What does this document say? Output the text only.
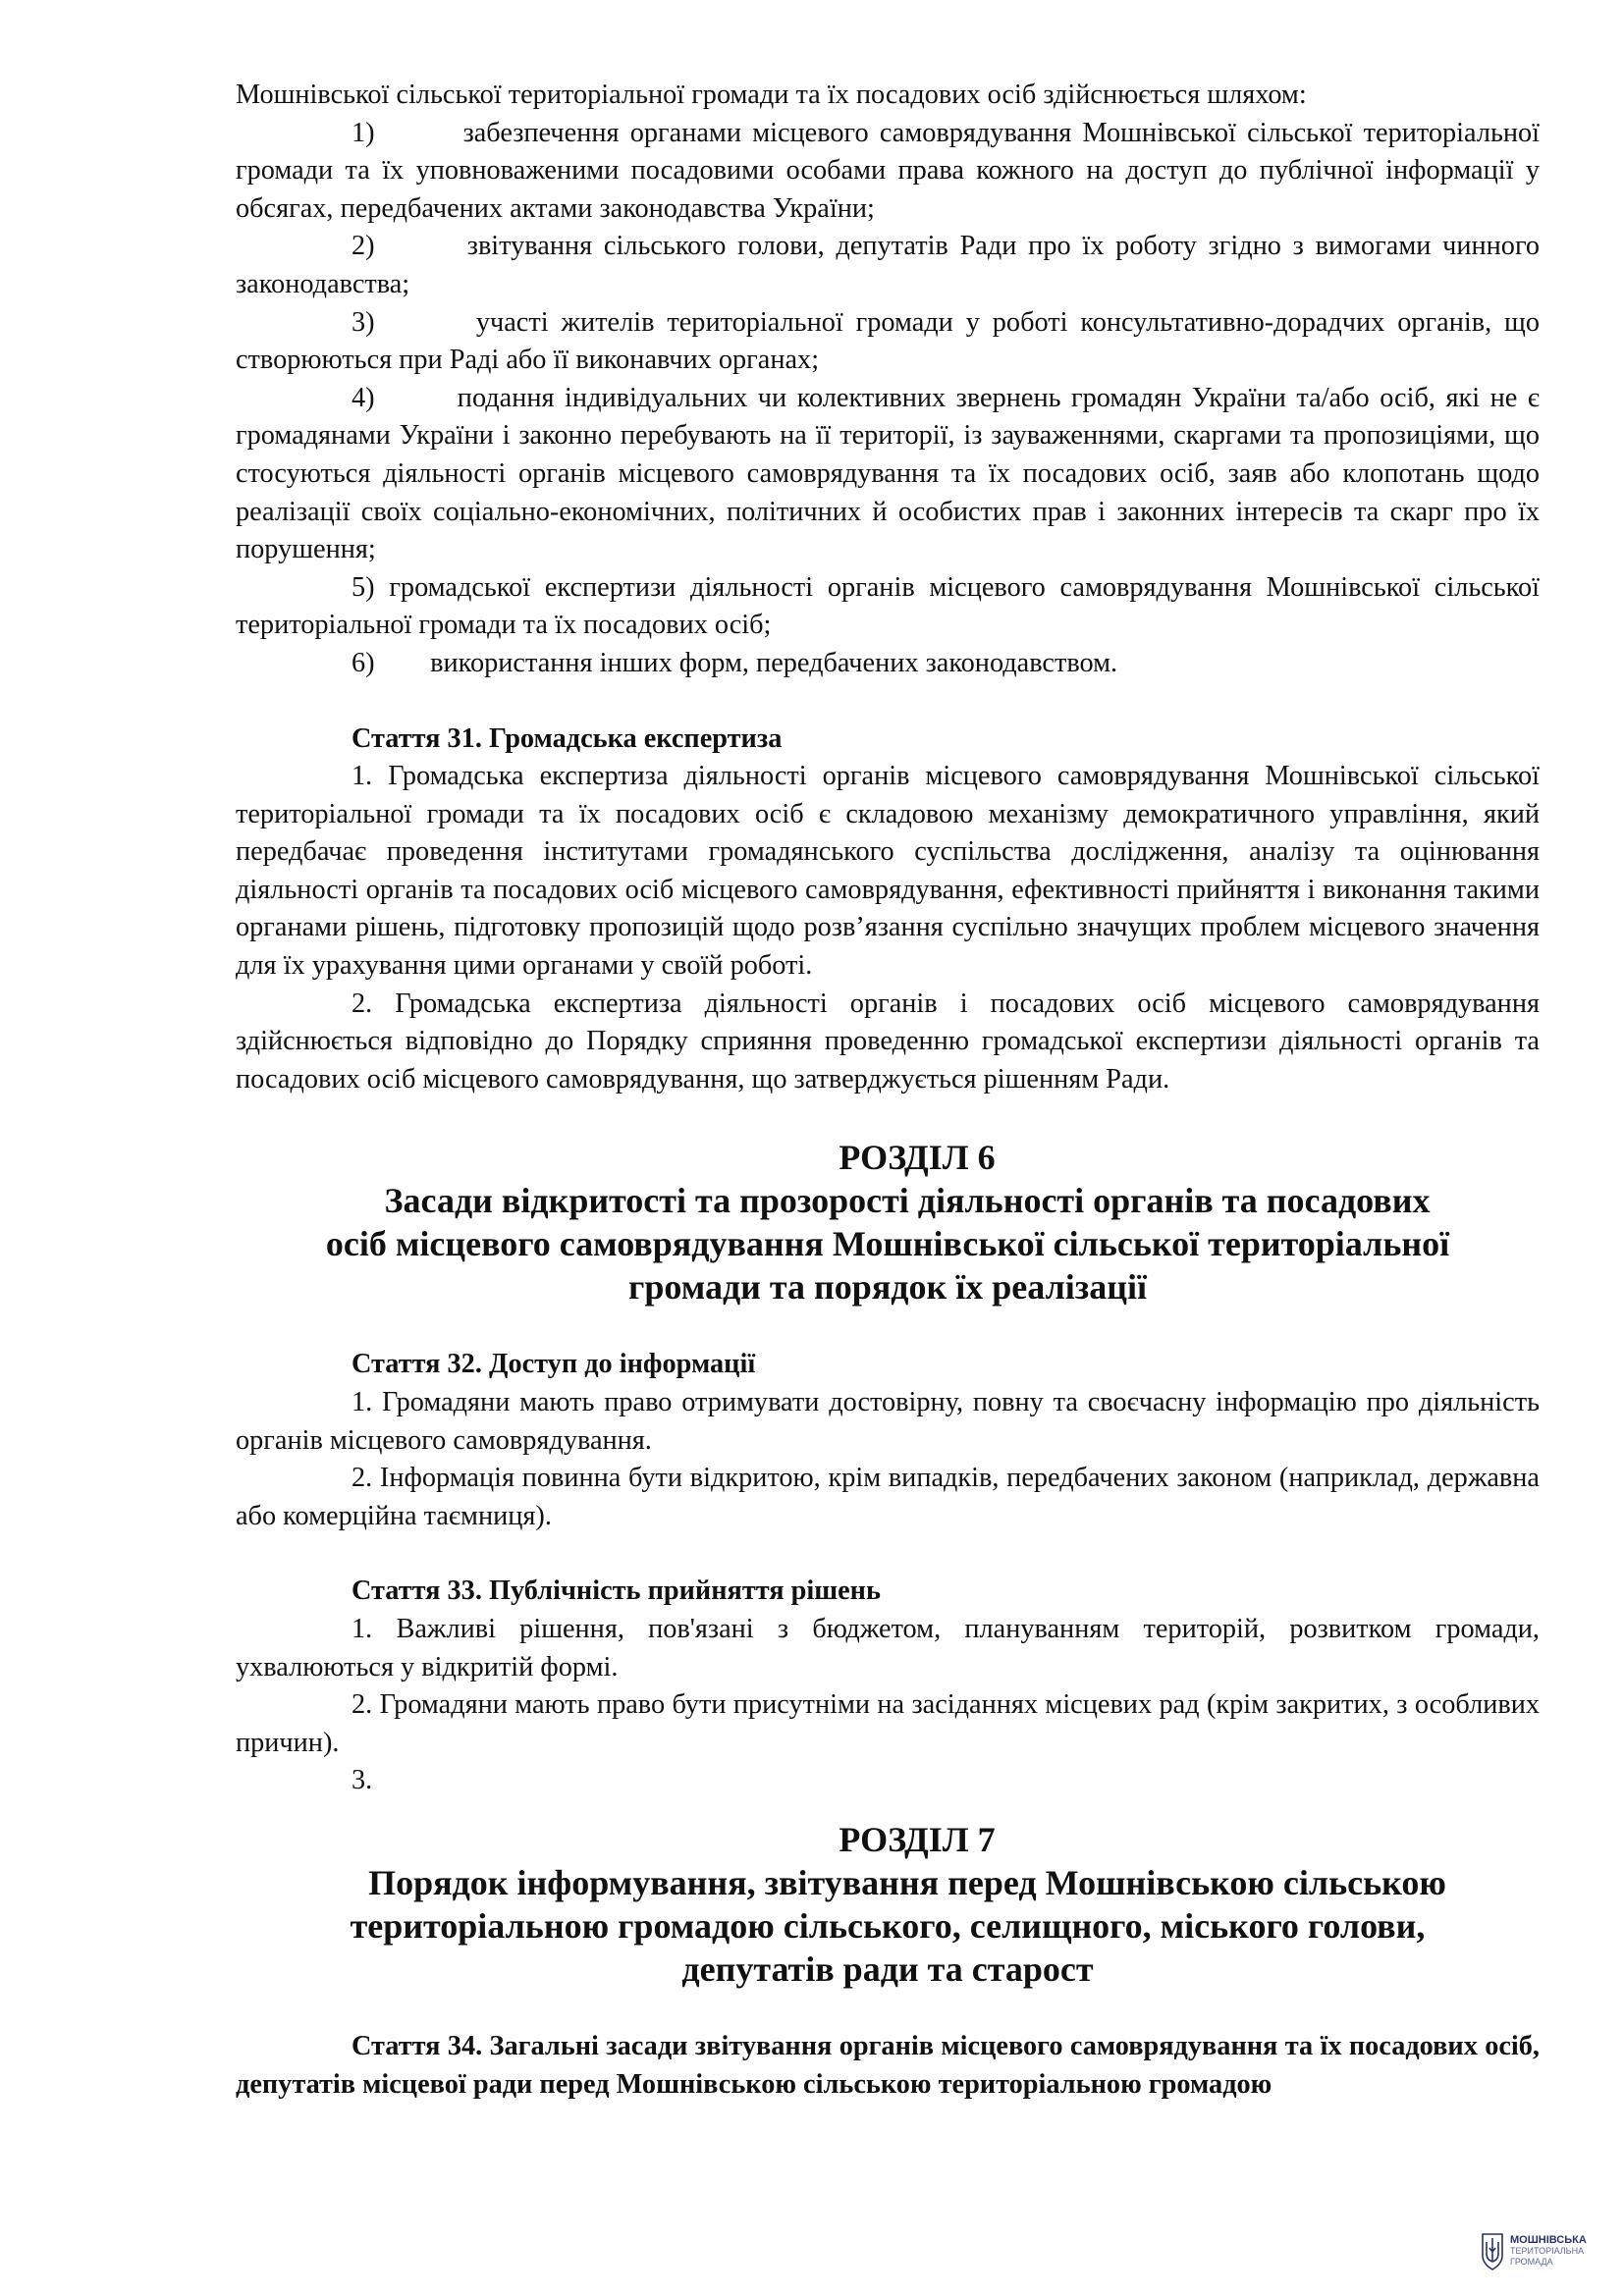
Мошнівської сільської територіальної громади та їх посадових осіб здійснюється шляхом:

1)	забезпечення органами місцевого самоврядування Мошнівської сільської територіальної громади та їх уповноваженими посадовими особами права кожного на доступ до публічної інформації у обсягах, передбачених актами законодавства України;

2)	звітування сільського голови, депутатів Ради про їх роботу згідно з вимогами чинного законодавства;

3)	участі жителів територіальної громади у роботі консультативно-дорадчих органів, що створюються при Раді або її виконавчих органах;

4)	подання індивідуальних чи колективних звернень громадян України та/або осіб, які не є громадянами України і законно перебувають на її території, із зауваженнями, скаргами та пропозиціями, що стосуються діяльності органів місцевого самоврядування та їх посадових осіб, заяв або клопотань щодо реалізації своїх соціально-економічних, політичних й особистих прав і законних інтересів та скарг про їх порушення;

5) громадської експертизи діяльності органів місцевого самоврядування Мошнівської сільської територіальної громади та їх посадових осіб;

6) використання інших форм, передбачених законодавством.

Стаття 31. Громадська експертиза

1. Громадська експертиза діяльності органів місцевого самоврядування Мошнівської сільської територіальної громади та їх посадових осіб є складовою механізму демократичного управління, який передбачає проведення інститутами громадянського суспільства дослідження, аналізу та оцінювання діяльності органів та посадових осіб місцевого самоврядування, ефективності прийняття і виконання такими органами рішень, підготовку пропозицій щодо розв’язання суспільно значущих проблем місцевого значення для їх урахування цими органами у своїй роботі.

2. Громадська експертиза діяльності органів і посадових осіб місцевого самоврядування здійснюється відповідно до Порядку сприяння проведенню громадської експертизи діяльності органів та посадових осіб місцевого самоврядування, що затверджується рішенням Ради.

РОЗДІЛ 6

Засади відкритості та прозорості діяльності органів та посадових

осіб місцевого самоврядування Мошнівської сільської територіальної

громади та порядок їх реалізації

Стаття 32. Доступ до інформації

1. Громадяни мають право отримувати достовірну, повну та своєчасну інформацію про діяльність органів місцевого самоврядування.

2. Інформація повинна бути відкритою, крім випадків, передбачених законом (наприклад, державна або комерційна таємниця).

Стаття 33. Публічність прийняття рішень

1. Важливі рішення, пов'язані з бюджетом, плануванням територій, розвитком громади, ухвалюються у відкритій формі.

2. Громадяни мають право бути присутніми на засіданнях місцевих рад (крім закритих, з особливих причин).

3.

РОЗДІЛ 7

Порядок інформування, звітування перед Мошнівською сільською

територіальною громадою сільського, селищного, міського голови,

депутатів ради та старост

Стаття 34. Загальні засади звітування органів місцевого самоврядування та їх посадових осіб, депутатів місцевої ради перед Мошнівською сільською територіальною громадою

МОШНІВСЬКА
ТЕРИТОРІАЛЬНА
ГРОМАДА
